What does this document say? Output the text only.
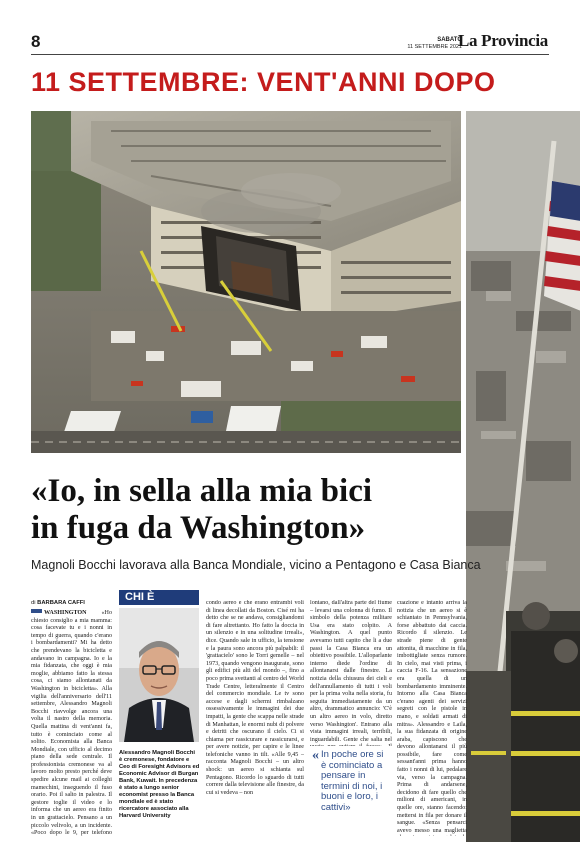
8	SABATO
11 SETTEMBRE 2021
La Provincia
11 SETTEMBRE: VENT'ANNI DOPO
«Io, in sella alla mia bici
in fuga da Washington»
Magnoli Bocchi lavorava alla Banca Mondiale, vicino a Pentagono e Casa Bianca
di BARBARA CAFFI

WASHINGTON «Ho chiesto consiglio a mia mamma: cosa facevate tu e i nonni in tempo di guerra, quando c'erano i bombardamenti? Mi ha detto che prendevano la bicicletta e andavano in campagna. Io e la mia fidanzata, che oggi è mia moglie, abbiamo fatto la stessa cosa, ci siamo allontanati da Washington in bicicletta». Alla vigilia dell'anniversario dell'11 settembre, Alessandro Magnoli Bocchi riavvolge ancora una volta il nastro della memoria. Quella mattina di vent'anni fa, tutto è cominciato come al solito. Economista alla Banca Mondiale, con ufficio al decimo piano della sede centrale. Il professionista cremonese va al lavoro molto presto perché deve spedire alcune mail ai colleghi mamechini, inseguendo il fuso orario. Poi il salto in palestra. Il gestore toglie il video e lo informa che un aereo era finito in un grattacielo. Pensano a un piccolo velivolo, a un incidente. «Poco dopo le 9, per telefono

CHI È
Alessandro Magnoli Bocchi
è cremonese, fondatore e Ceo di Foresight Advisors ed Economic Advisor di Burgan Bank, Kuwait. In precedenza è stato a lungo senior economist presso la Banca mondiale ed è stato ricercatore associato alla Harvard University

condo aereo e che erano entrambi voli di linea decollati da Boston. Cisé mi ha detto che se ne andava, consigliandomi di fare altrettanto. Ho fatto la doccia in un silenzio e in una solitudine irreali», dice. Quando sale in ufficio, la tensione e la paura sono ancora più palpabili: il 'grattacielo' sono le Torri gemelle – nel 1973, quando vengono inaugurate, sono gli edifici più alti del mondo –, fino a poco prima svettanti al centro del World Trade Centre, letteralmente il Centro del commercio mondiale. Le tv sono accese e dagli schermi rimbalzano ossessivamente le immagini dei due impatti, la gente che scappa nelle strade di Manhattan, le enormi nubi di polvere e detriti che oscurano il cielo. Ci si chiama per rassicurare e rassicurarsi, e per avere notizie, per capire e le linee telefoniche vanno in tilt. «Alle 9,45 – racconta Magnoli Bocchi – un altro shock: un aereo si schianta sul Pentagono. Ricordo lo sguardo di tutti correre dalla televisione alle finestre, da cui si vedeva – non

lontano, dall'altra parte del fiume – levarsi una colonna di fumo. Il simbolo della potenza militare Usa era stato colpito. A Washington. A quel punto avevamo tutti capito che li a due passi la Casa Bianca era un obiettivo possibile. L'alloparlante interno diede l'ordine di allontanarsi dalle finestre. La notizia della chiusura dei cieli e dell'annullamento di tutti i voli per la prima volta nella storia, fu seguita immediatamente da un altro, drammatico annuncio: 'C'è un altro aereo in volo, diretto verso Washington'. Entrano alla vista immagini irreali, terribili, inguardabili. Gente che salta nel

« In poche ore si è cominciato a pensare in termini di noi, i buoni e loro, i cattivi»

cuazione e intanto arriva la notizia che un aereo si è schiantato in Pennsylvania, forse abbattuto dai caccia. Ricordo il silenzio. Le strade piene di gente attonita, di macchine in fila, imbottigliate senza rumore. In cielo, mai visti prima, i caccia F-16. La sensazione era quella di un bombardamento imminente. Intorno alla Casa Bianca c'erano agenti dei servizi segreti con le pistole in mano, e soldati armati di mitra». Alessandro e Laila, la sua fidanzata di origine araba, capiscono che devono allontanarsi il più possibile, fare come sessant'anni prima hanno fatto i nonni di lui, pedalare via, verso la campagna. Prima di andarsene, decidono di fare quello che milioni di americani, in quelle ore, stanno facendo: mettersi in fila per donare il sangue. «Senza pensarci avevo messo una maglietta
